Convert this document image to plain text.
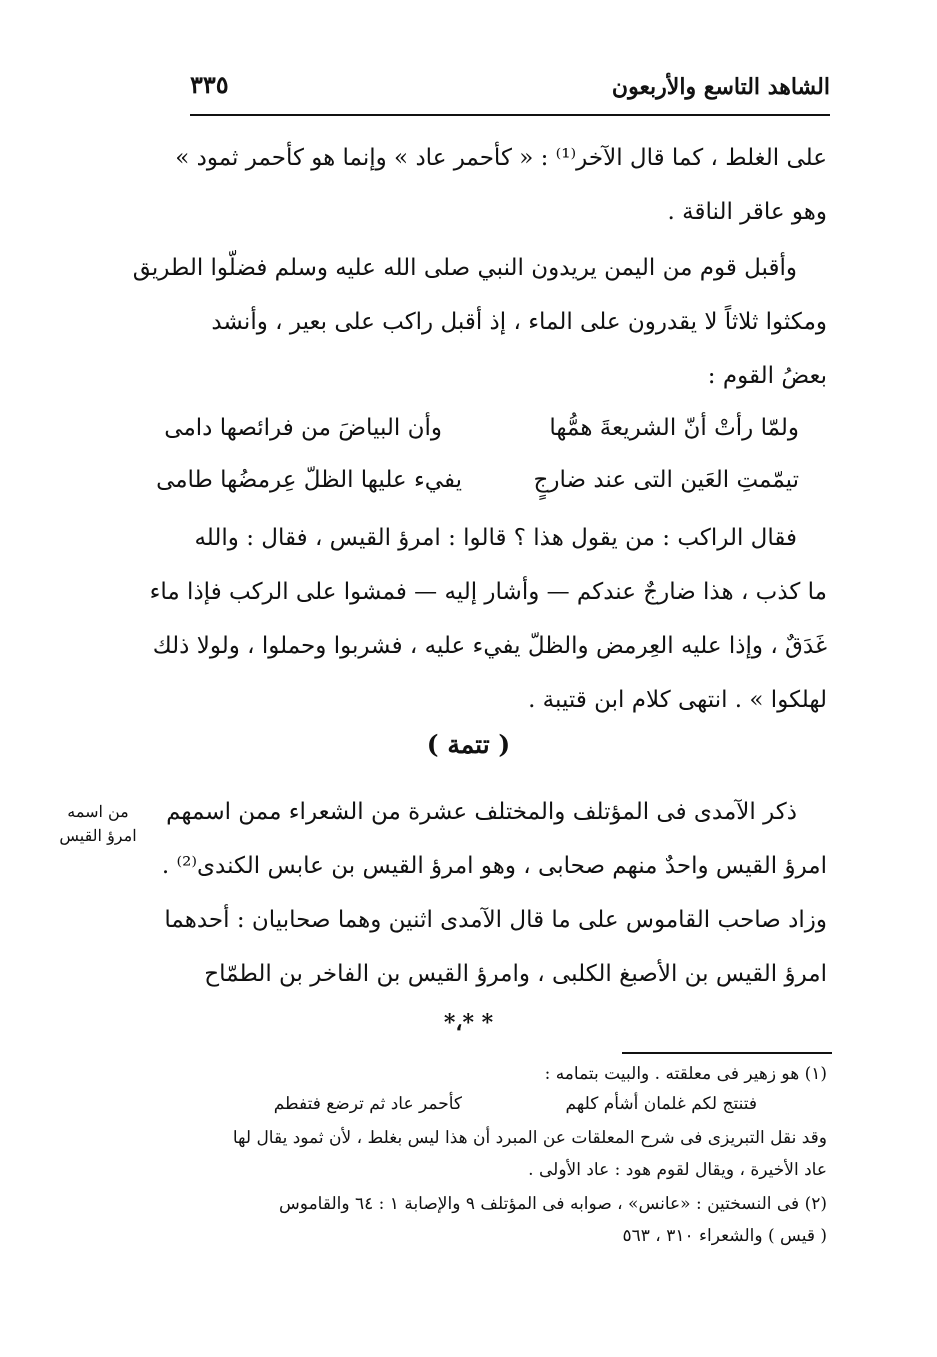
الشاهد التاسع والأربعون
٣٣٥
على الغلط ، كما قال الآخر⁽¹⁾ : « كأحمر عاد » وإنما هو كأحمر ثمود »
وهو عاقر الناقة .
وأقبل قوم من اليمن يريدون النبي صلى الله عليه وسلم فضلّوا الطريق
ومكثوا ثلاثاً لا يقدرون على الماء ، إذ أقبل راكب على بعير ، وأنشد
بعضُ القوم :
ولمّا رأتْ أنّ الشريعةَ همُّها
وأن البياضَ من فرائصها دامى
تيمّمتِ العَين التى عند ضارجٍ
يفيء عليها الظلّ عِرمضُها طامى
فقال الراكب : من يقول هذا ؟ قالوا : امرؤ القيس ، فقال : والله
ما كذب ، هذا ضارجٌ عندكم — وأشار إليه — فمشوا على الركب فإذا ماء
غَدَقٌ ، وإذا عليه العِرمض والظلّ يفيء عليه ، فشربوا وحملوا ، ولولا ذلك
لهلكوا » . انتهى كلام ابن قتيبة .
( تتمة )
ذكر الآمدى فى المؤتلف والمختلف عشرة من الشعراء ممن اسمهم
امرؤ القيس واحدٌ منهم صحابى ، وهو امرؤ القيس بن عابس الكندى⁽²⁾ .
وزاد صاحب القاموس على ما قال الآمدى اثنين وهما صحابيان : أحدهما
امرؤ القيس بن الأصبغ الكلبى ، وامرؤ القيس بن الفاخر بن الطمّاح
من اسمه
امرؤ القيس
* *،*
(١) هو زهير فى معلقته . والبيت بتمامه :
فتنتج لكم غلمان أشأم كلهم
كأحمر عاد ثم ترضع فتفطم
وقد نقل التبريزى فى شرح المعلقات عن المبرد أن هذا ليس بغلط ، لأن ثمود يقال لها
عاد الأخيرة ، ويقال لقوم هود : عاد الأولى .
(٢) فى النسختين : «عانس» ، صوابه فى المؤتلف ٩ والإصابة ١ : ٦٤ والقاموس
( قيس ) والشعراء ٣١٠ ، ٥٦٣
